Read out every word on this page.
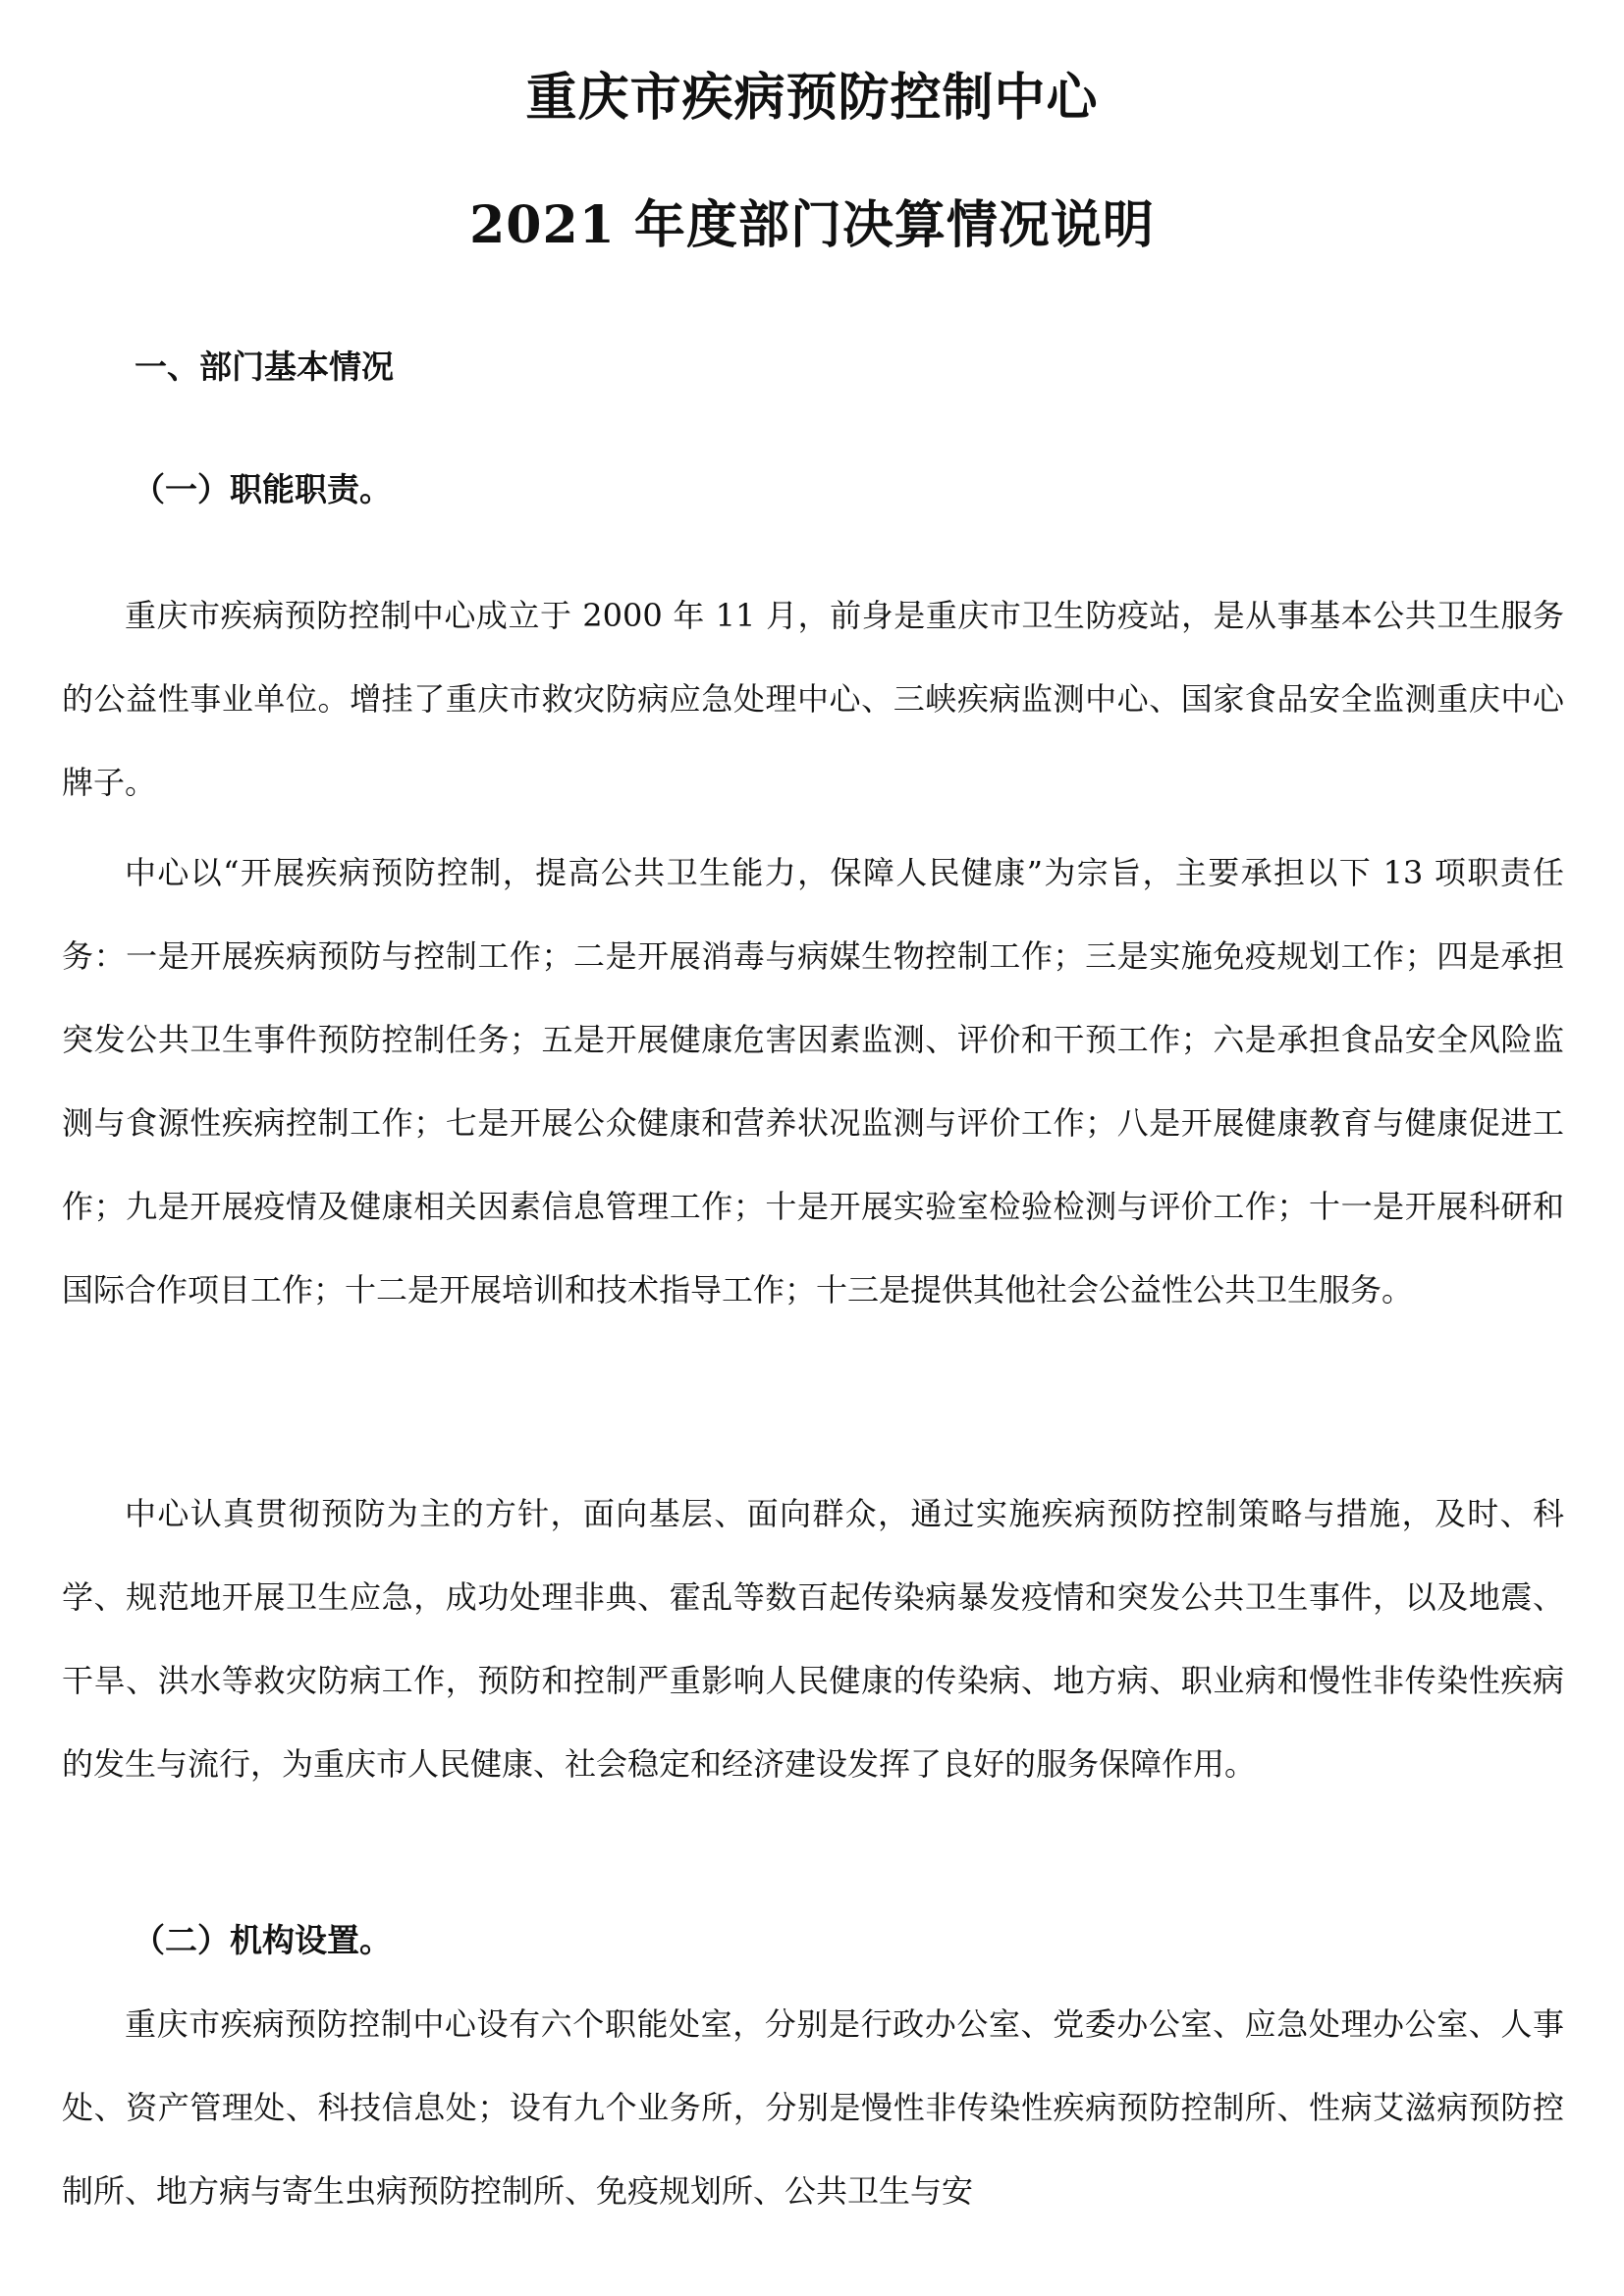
重庆市疾病预防控制中心
2021 年度部门决算情况说明
一、部门基本情况
（一）职能职责。

重庆市疾病预防控制中心成立于 2000 年 11 月，前身是重庆市卫生防疫站，是从事基本公共卫生服务的公益性事业单位。增挂了重庆市救灾防病应急处理中心、三峡疾病监测中心、国家食品安全监测重庆中心牌子。

中心以“开展疾病预防控制，提高公共卫生能力，保障人民健康”为宗旨，主要承担以下 13 项职责任务：一是开展疾病预防与控制工作；二是开展消毒与病媒生物控制工作；三是实施免疫规划工作；四是承担突发公共卫生事件预防控制任务；五是开展健康危害因素监测、评价和干预工作；六是承担食品安全风险监测与食源性疾病控制工作；七是开展公众健康和营养状况监测与评价工作；八是开展健康教育与健康促进工作；九是开展疫情及健康相关因素信息管理工作；十是开展实验室检验检测与评价工作；十一是开展科研和国际合作项目工作；十二是开展培训和技术指导工作；十三是提供其他社会公益性公共卫生服务。

中心认真贯彻预防为主的方针，面向基层、面向群众，通过实施疾病预防控制策略与措施，及时、科学、规范地开展卫生应急，成功处理非典、霍乱等数百起传染病暴发疫情和突发公共卫生事件，以及地震、干旱、洪水等救灾防病工作，预防和控制严重影响人民健康的传染病、地方病、职业病和慢性非传染性疾病的发生与流行，为重庆市人民健康、社会稳定和经济建设发挥了良好的服务保障作用。

（二）机构设置。

重庆市疾病预防控制中心设有六个职能处室，分别是行政办公室、党委办公室、应急处理办公室、人事处、资产管理处、科技信息处；设有九个业务所，分别是慢性非传染性疾病预防控制所、性病艾滋病预防控制所、地方病与寄生虫病预防控制所、免疫规划所、公共卫生与安
